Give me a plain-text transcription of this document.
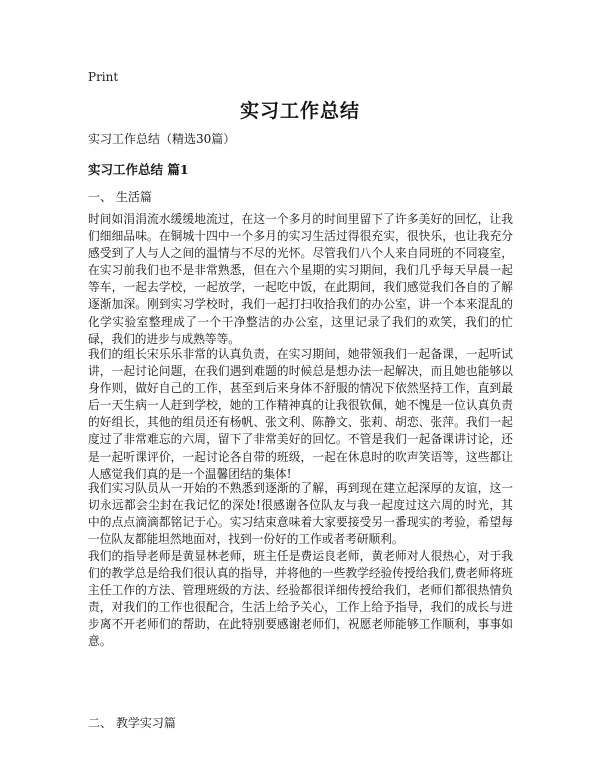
Print
实习工作总结
实习工作总结（精选30篇）
实习工作总结 篇1
一、 生活篇

时间如涓涓流水缓缓地流过，在这一个多月的时间里留下了许多美好的回忆，让我们细细品味。在铜城十四中一个多月的实习生活过得很充实，很快乐，也让我充分感受到了人与人之间的温情与不尽的光怀。尽管我们八个人来自同班的不同寝室，在实习前我们也不是非常熟悉，但在六个星期的实习期间，我们几乎每天早晨一起等车，一起去学校，一起放学，一起吃中饭，在此期间，我们感觉我们各自的了解逐渐加深。刚到实习学校时，我们一起打扫收拾我们的办公室，讲一个本来混乱的化学实验室整理成了一个干净整洁的办公室，这里记录了我们的欢笑，我们的忙碌，我们的进步与成熟等等。

我们的组长宋乐乐非常的认真负责，在实习期间，她带领我们一起备课，一起听试讲，一起讨论问题，在我们遇到难题的时候总是想办法一起解决，而且她也能够以身作则，做好自己的工作，甚至到后来身体不舒服的情况下依然坚持工作，直到最后一天生病一人赶到学校，她的工作精神真的让我很钦佩，她不愧是一位认真负责的好组长，其他的组员还有杨帆、张文利、陈静文、张莉、胡恋、张萍。我们一起度过了非常难忘的六周，留下了非常美好的回忆。不管是我们一起备课讲讨论，还是一起听课评价，一起讨论各自带的班级，一起在休息时的吹声笑语等，这些都让人感觉我们真的是一个温馨团结的集体!

我们实习队员从一开始的不熟悉到逐渐的了解，再到现在建立起深厚的友谊，这一切永远都会尘封在我记忆的深处!很感谢各位队友与我一起度过这六周的时光，其中的点点滴滴都铭记于心。实习结束意味着大家要接受另一番现实的考验，希望每一位队友都能坦然地面对，找到一份好的工作或者考研顺利。

我们的指导老师是黄显林老师，班主任是费运良老师，黄老师对人很热心，对于我们的教学总是给我们很认真的指导，并将他的一些教学经验传授给我们,费老师将班主任工作的方法、管理班级的方法、经验都很详细传授给我们，老师们都很热情负责，对我们的工作也很配合，生活上给予关心，工作上给予指导，我们的成长与进步离不开老师们的帮助，在此特别要感谢老师们，祝愿老师能够工作顺利，事事如意。

二、 教学实习篇
